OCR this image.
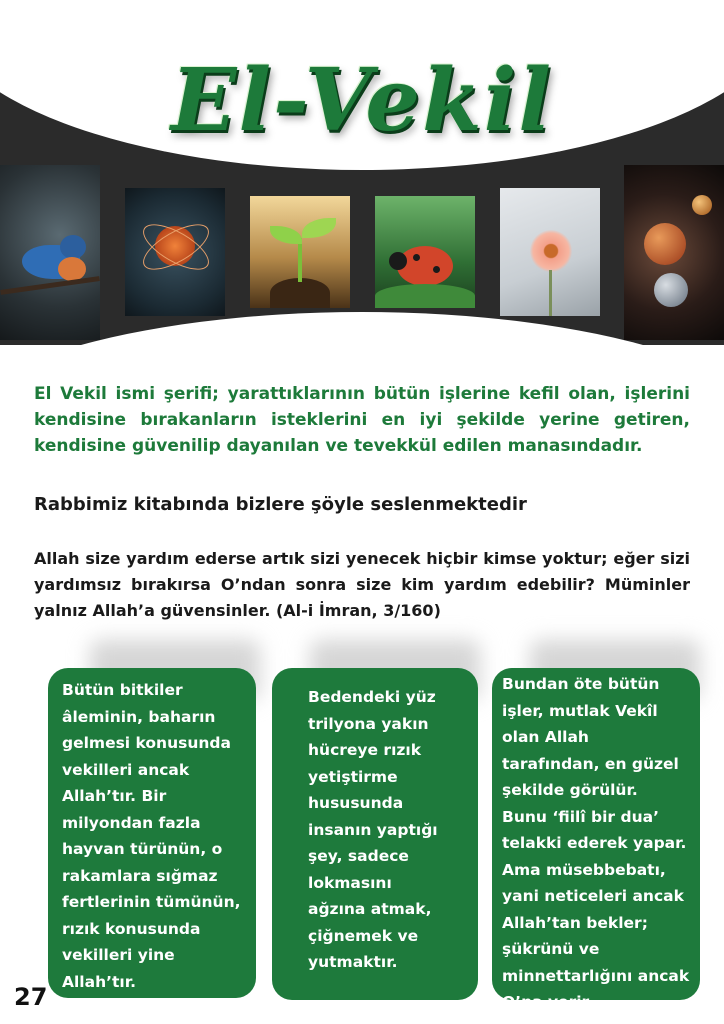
El-Vekil

El Vekil ismi şerifi; yarattıklarının bütün işlerine kefil olan, işlerini kendisine bırakanların isteklerini en iyi şekilde yerine getiren, kendisine güvenilip dayanılan ve tevekkül edilen manasındadır.

Rabbimiz kitabında bizlere şöyle seslenmektedir

Allah size yardım ederse artık sizi yenecek hiçbir kimse yoktur; eğer sizi yardımsız bırakırsa O’ndan sonra size kim yardım edebilir? Müminler yalnız Allah’a güvensinler. (Al-i İmran, 3/160)

Bütün bitkiler

âleminin, baharın

gelmesi konusunda

vekilleri ancak

Allah’tır. Bir

milyondan fazla

hayvan türünün, o

rakamlara sığmaz

fertlerinin tümünün,

rızık konusunda

vekilleri yine

Allah’tır.

Bedendeki yüz

trilyona yakın

hücreye rızık

yetiştirme

hususunda

insanın yaptığı

şey, sadece

lokmasını

ağzına atmak,

çiğnemek ve

yutmaktır.

Bundan öte bütün

işler, mutlak Vekîl

olan Allah

tarafından, en güzel

şekilde görülür.

Bunu ‘fiilî bir dua’

telakki ederek yapar.

Ama müsebbebatı,

yani neticeleri ancak

Allah’tan bekler;

şükrünü ve

minnettarlığını ancak

O’na verir.

27
